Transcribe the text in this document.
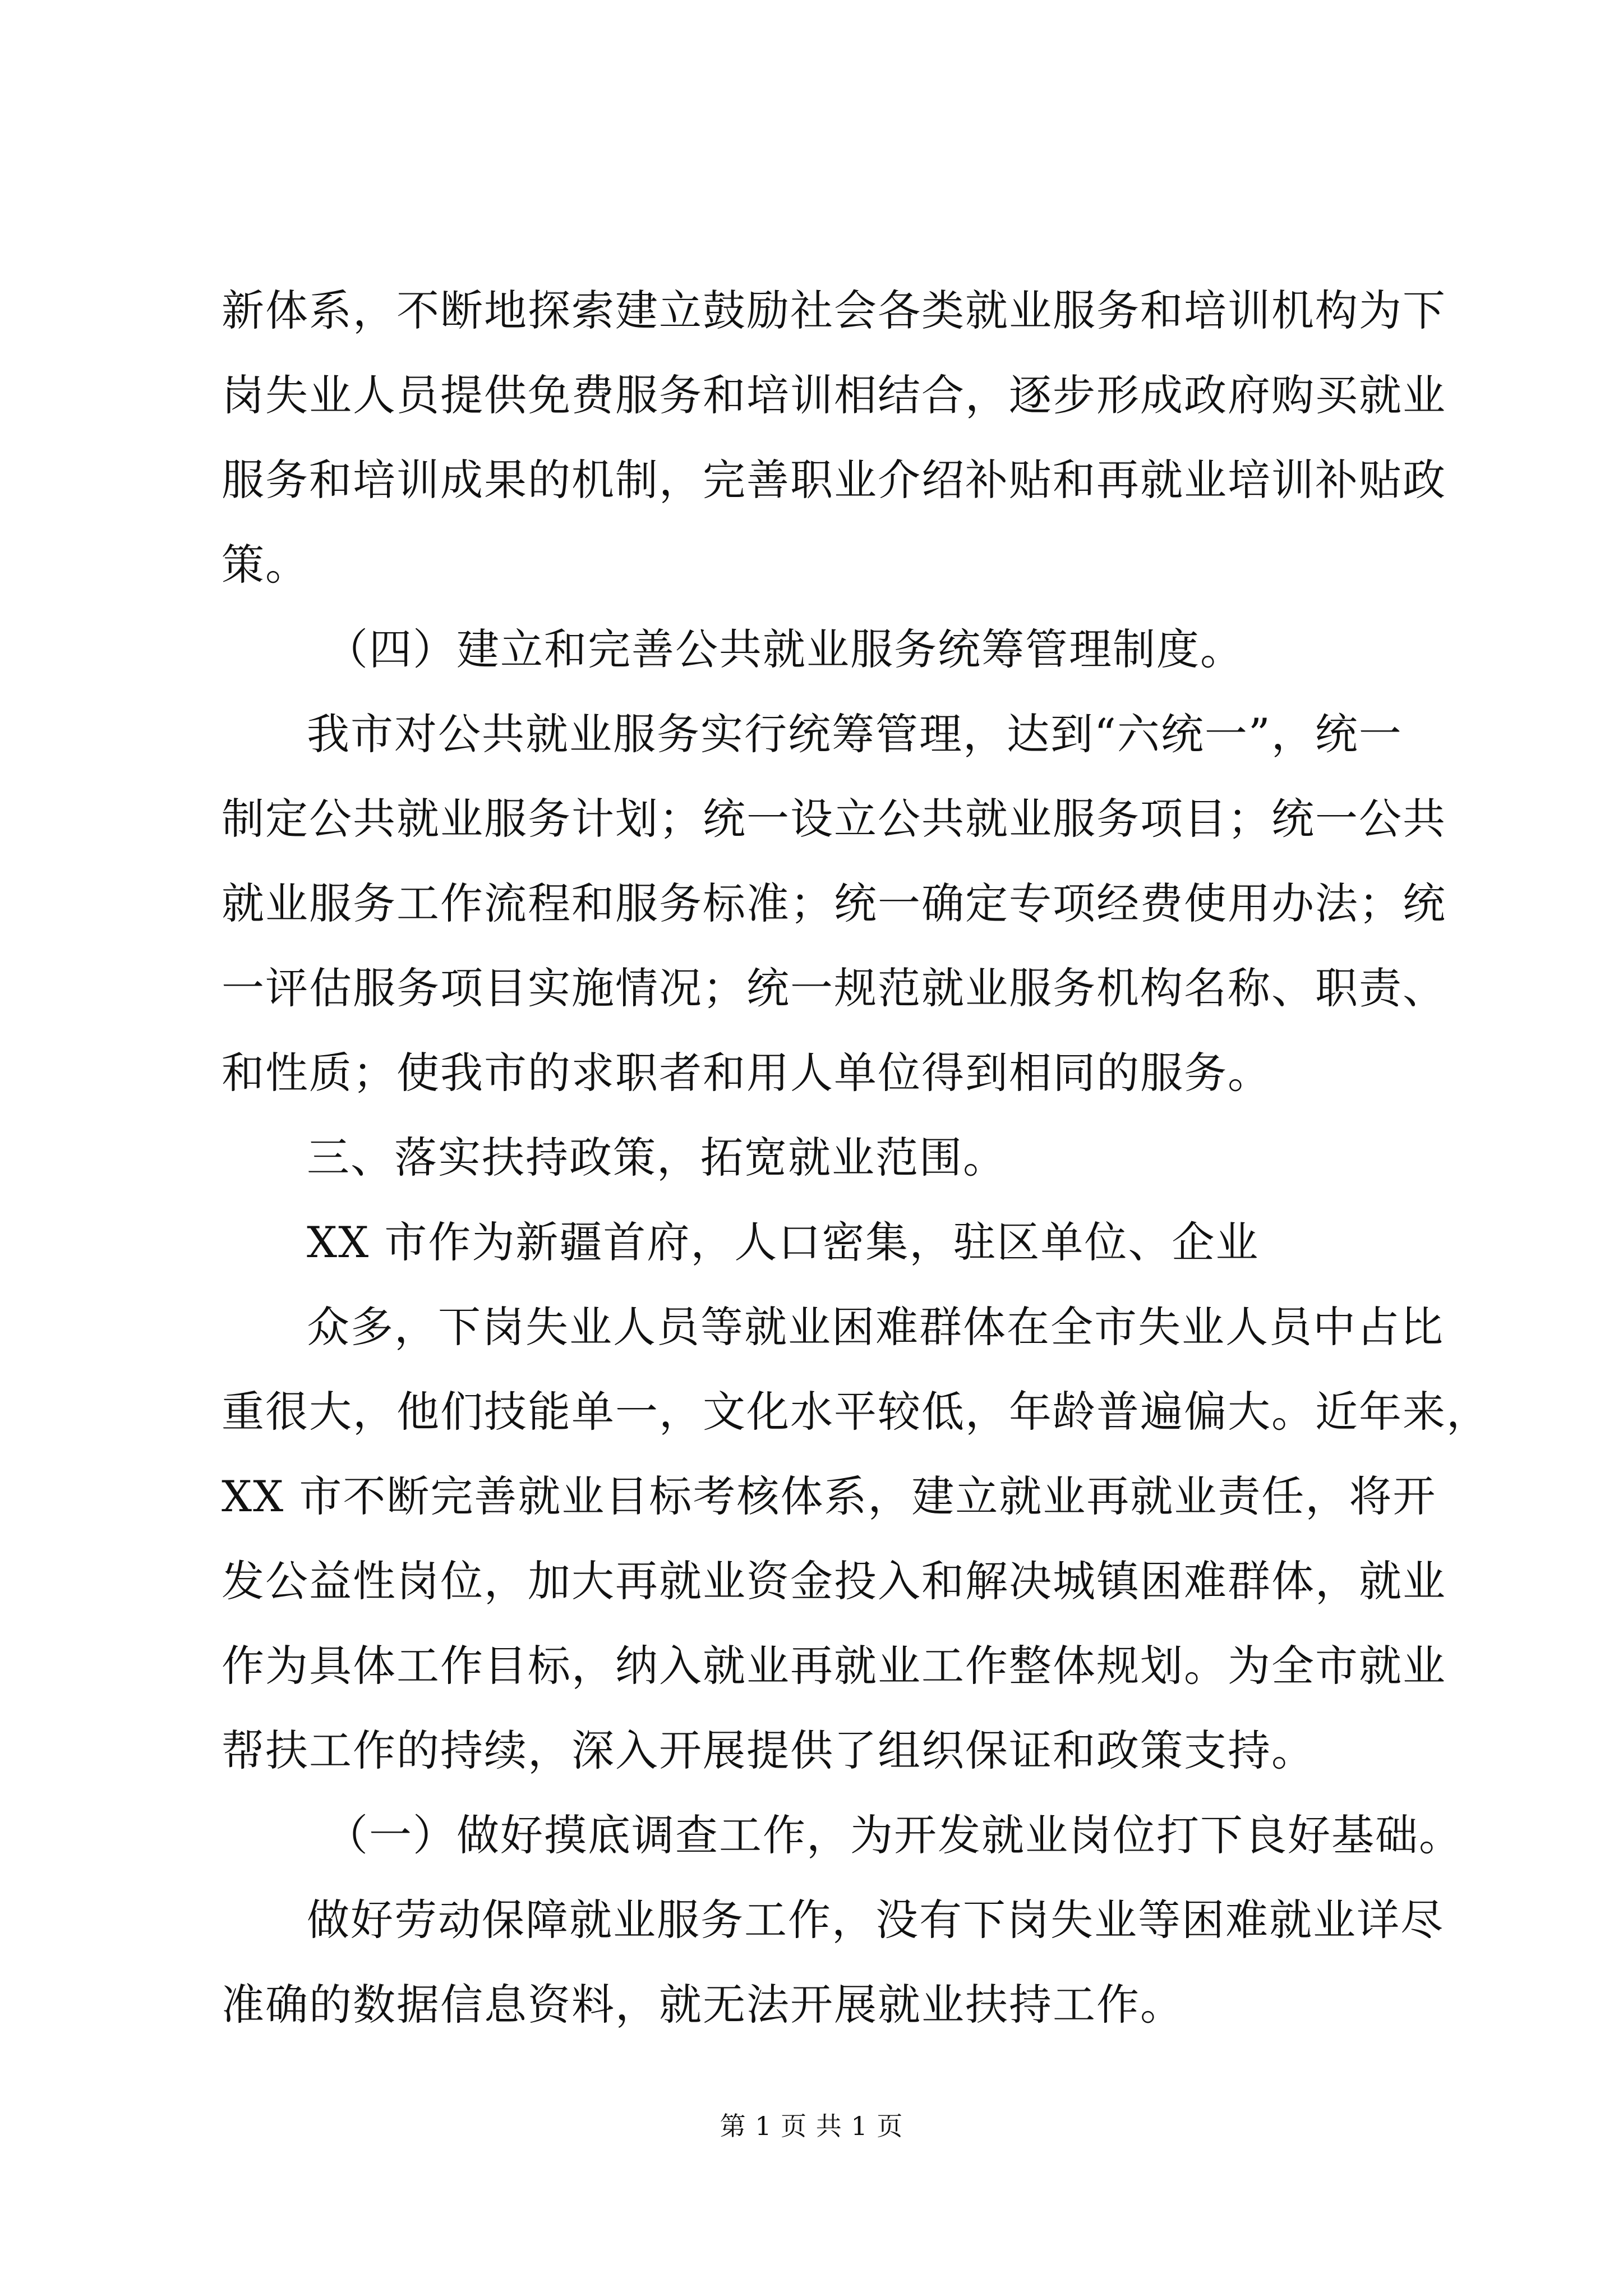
新体系，不断地探索建立鼓励社会各类就业服务和培训机构为下
岗失业人员提供免费服务和培训相结合，逐步形成政府购买就业
服务和培训成果的机制，完善职业介绍补贴和再就业培训补贴政
策。
（四）建立和完善公共就业服务统筹管理制度。
我市对公共就业服务实行统筹管理，达到“六统一”，统一
制定公共就业服务计划；统一设立公共就业服务项目；统一公共
就业服务工作流程和服务标准；统一确定专项经费使用办法；统
一评估服务项目实施情况；统一规范就业服务机构名称、职责、
和性质；使我市的求职者和用人单位得到相同的服务。
三、落实扶持政策，拓宽就业范围。
XX 市作为新疆首府，人口密集，驻区单位、企业
众多，下岗失业人员等就业困难群体在全市失业人员中占比
重很大，他们技能单一，文化水平较低，年龄普遍偏大。近年来，
XX 市不断完善就业目标考核体系，建立就业再就业责任，将开
发公益性岗位，加大再就业资金投入和解决城镇困难群体，就业
作为具体工作目标，纳入就业再就业工作整体规划。为全市就业
帮扶工作的持续，深入开展提供了组织保证和政策支持。
（一）做好摸底调查工作，为开发就业岗位打下良好基础。
做好劳动保障就业服务工作，没有下岗失业等困难就业详尽
准确的数据信息资料，就无法开展就业扶持工作。
第 1 页 共 1 页
